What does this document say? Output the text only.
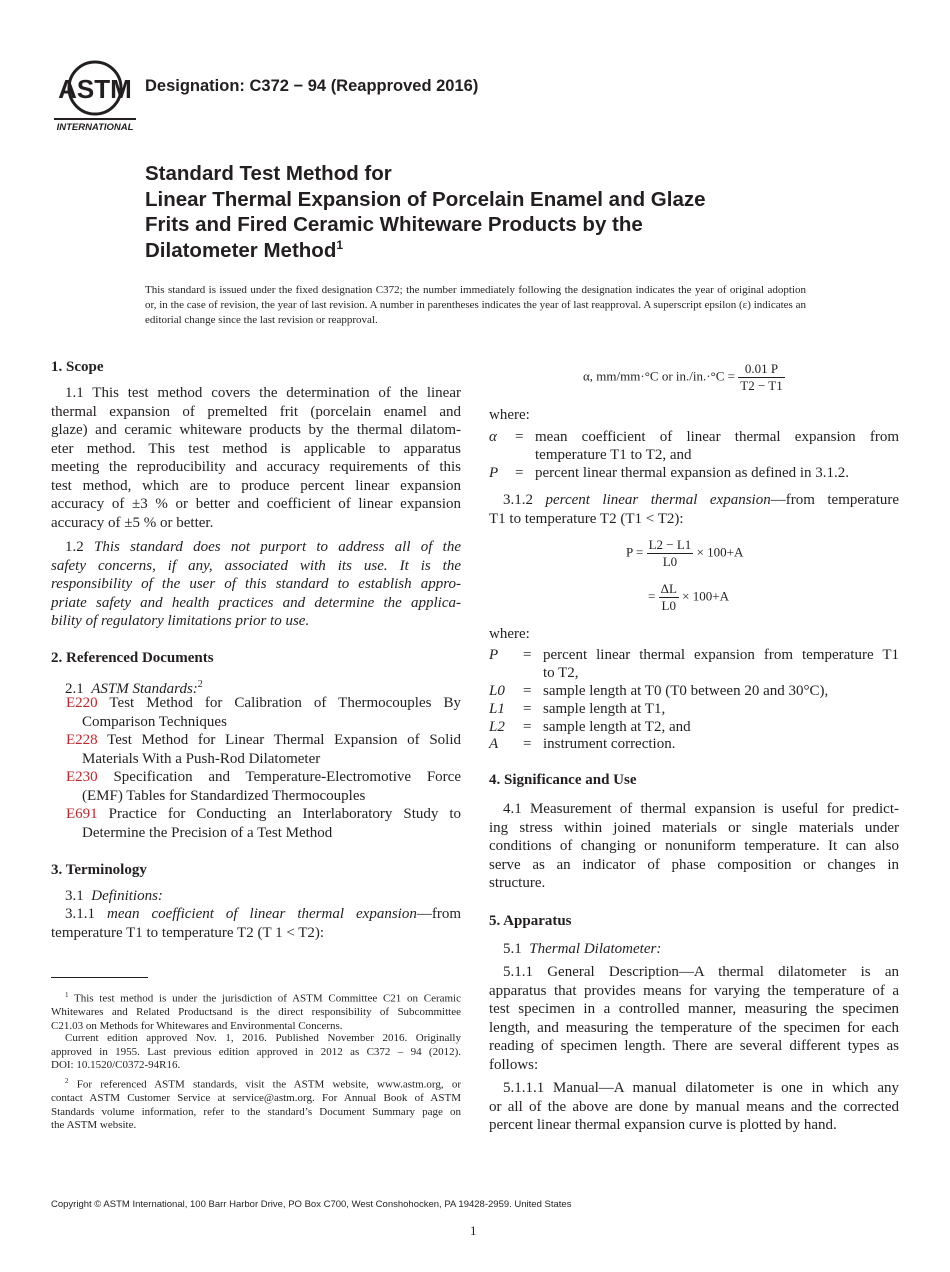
ASTM
INTERNATIONAL
Designation: C372 − 94 (Reapproved 2016)
Standard Test Method for
Linear Thermal Expansion of Porcelain Enamel and Glaze
Frits and Fired Ceramic Whiteware Products by the
Dilatometer Method$^1$
This standard is issued under the fixed designation C372; the number immediately following the designation indicates the year of original adoption or, in the case of revision, the year of last revision. A number in parentheses indicates the year of last reapproval. A superscript epsilon (ε) indicates an editorial change since the last revision or reapproval.
1. Scope
1.1 This test method covers the determination of the linear
thermal expansion of premelted frit (porcelain enamel and
glaze) and ceramic whiteware products by the thermal dilatom-
eter method. This test method is applicable to apparatus
meeting the reproducibility and accuracy requirements of this
test method, which are to produce percent linear expansion
accuracy of ±3 % or better and coefficient of linear expansion
accuracy of ±5 % or better.
1.2 This standard does not purport to address all of the
safety concerns, if any, associated with its use. It is the
responsibility of the user of this standard to establish appro-
priate safety and health practices and determine the applica-
bility of regulatory limitations prior to use.
2. Referenced Documents
2.1 ASTM Standards:$^2$
E220 Test Method for Calibration of Thermocouples By
Comparison Techniques
E228 Test Method for Linear Thermal Expansion of Solid
Materials With a Push-Rod Dilatometer
E230 Specification and Temperature-Electromotive Force
(EMF) Tables for Standardized Thermocouples
E691 Practice for Conducting an Interlaboratory Study to
Determine the Precision of a Test Method
3. Terminology
3.1 Definitions:
3.1.1 mean coefficient of linear thermal expansion—from
temperature T1 to temperature T2 (T 1 < T2):
$^1$ This test method is under the jurisdiction of ASTM Committee C21 on Ceramic
Whitewares and Related Productsand is the direct responsibility of Subcommittee
C21.03 on Methods for Whitewares and Environmental Concerns.
Current edition approved Nov. 1, 2016. Published November 2016. Originally
approved in 1955. Last previous edition approved in 2012 as C372 – 94 (2012).
DOI: 10.1520/C0372-94R16.
$^2$ For referenced ASTM standards, visit the ASTM website, www.astm.org, or
contact ASTM Customer Service at service@astm.org. For Annual Book of ASTM
Standards volume information, refer to the standard’s Document Summary page on
the ASTM website.
α, mm/mm·°C or $in./in.\cdot^\circ C = \frac{0.01 P}{T2 - T1}$
where:
α = mean coefficient of linear thermal expansion from
temperature T1 to T2, and
P = percent linear thermal expansion as defined in 3.1.2.
3.1.2 percent linear thermal expansion—from temperature
T1 to temperature T2 (T1 < T2):
$P = \frac{L2 - L1}{L0} \times 100+A$
= $\frac{\Delta L}{L0} \times 100+A$
where:
P = percent linear thermal expansion from temperature T1
to T2,
L0 = sample length at T0 (T0 between 20 and 30°C),
L1 = sample length at T1,
L2 = sample length at T2, and
A = instrument correction.
4. Significance and Use
4.1 Measurement of thermal expansion is useful for predict-
ing stress within joined materials or single materials under
conditions of changing or nonuniform temperature. It can also
serve as an indicator of phase composition or changes in
structure.
5. Apparatus
5.1 Thermal Dilatometer:
5.1.1 General Description—A thermal dilatometer is an
apparatus that provides means for varying the temperature of a
test specimen in a controlled manner, measuring the specimen
length, and measuring the temperature of the specimen for each
reading of specimen length. There are several different types as
follows:
5.1.1.1 Manual—A manual dilatometer is one in which any
or all of the above are done by manual means and the corrected
percent linear thermal expansion curve is plotted by hand.
Copyright © ASTM International, 100 Barr Harbor Drive, PO Box C700, West Conshohocken, PA 19428-2959. United States
1
